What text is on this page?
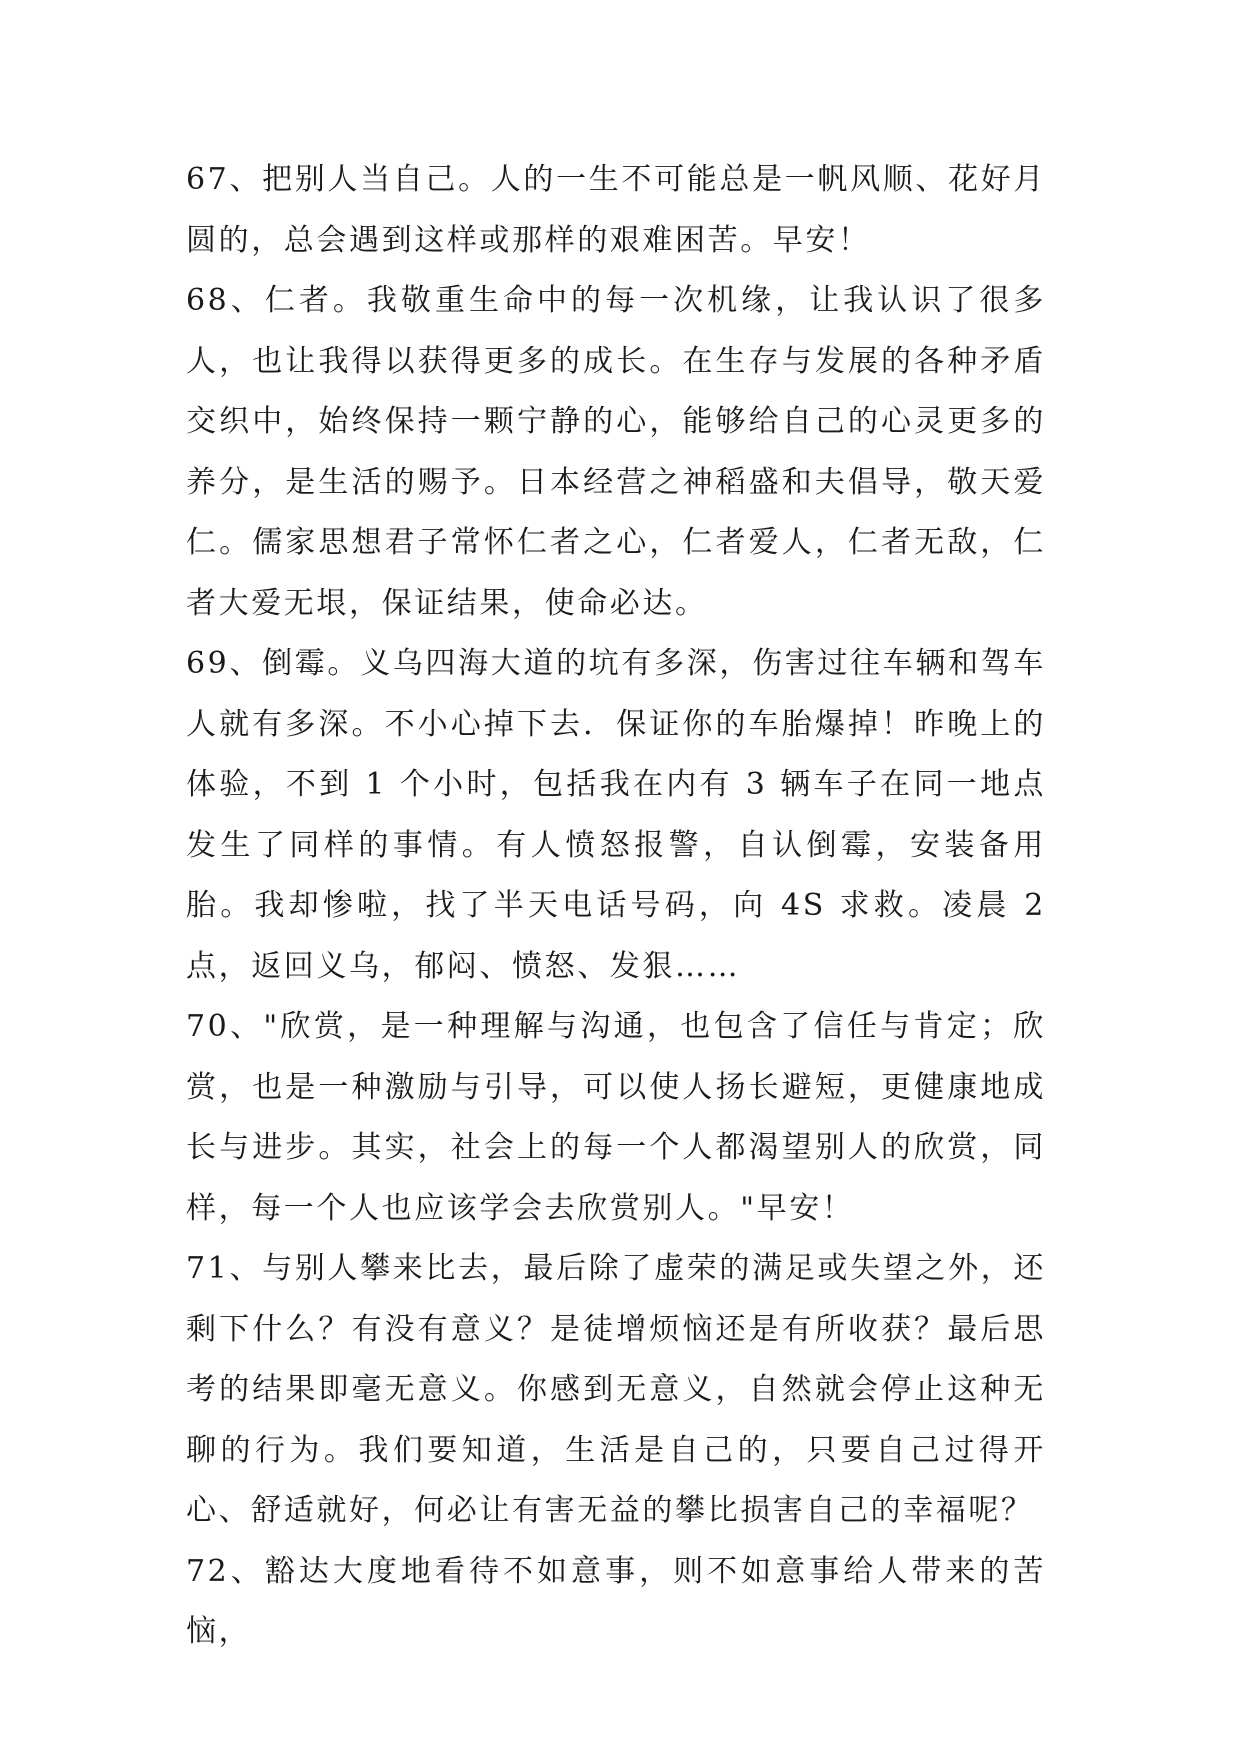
67、把别人当自己。人的一生不可能总是一帆风顺、花好月圆的，总会遇到这样或那样的艰难困苦。早安！

68、仁者。我敬重生命中的每一次机缘，让我认识了很多人，也让我得以获得更多的成长。在生存与发展的各种矛盾交织中，始终保持一颗宁静的心，能够给自己的心灵更多的养分，是生活的赐予。日本经营之神稻盛和夫倡导，敬天爱仁。儒家思想君子常怀仁者之心，仁者爱人，仁者无敌，仁者大爱无垠，保证结果，使命必达。

69、倒霉。义乌四海大道的坑有多深，伤害过往车辆和驾车人就有多深。不小心掉下去．保证你的车胎爆掉！昨晚上的体验，不到 1 个小时，包括我在内有 3 辆车子在同一地点发生了同样的事情。有人愤怒报警，自认倒霉，安装备用胎。我却惨啦，找了半天电话号码，向 4S 求救。凌晨 2 点，返回义乌，郁闷、愤怒、发狠……

70、"欣赏，是一种理解与沟通，也包含了信任与肯定；欣赏，也是一种激励与引导，可以使人扬长避短，更健康地成长与进步。其实，社会上的每一个人都渴望别人的欣赏，同样，每一个人也应该学会去欣赏别人。"早安！

71、与别人攀来比去，最后除了虚荣的满足或失望之外，还剩下什么？有没有意义？是徒增烦恼还是有所收获？最后思考的结果即毫无意义。你感到无意义，自然就会停止这种无聊的行为。我们要知道，生活是自己的，只要自己过得开心、舒适就好，何必让有害无益的攀比损害自己的幸福呢？

72、豁达大度地看待不如意事，则不如意事给人带来的苦恼，
